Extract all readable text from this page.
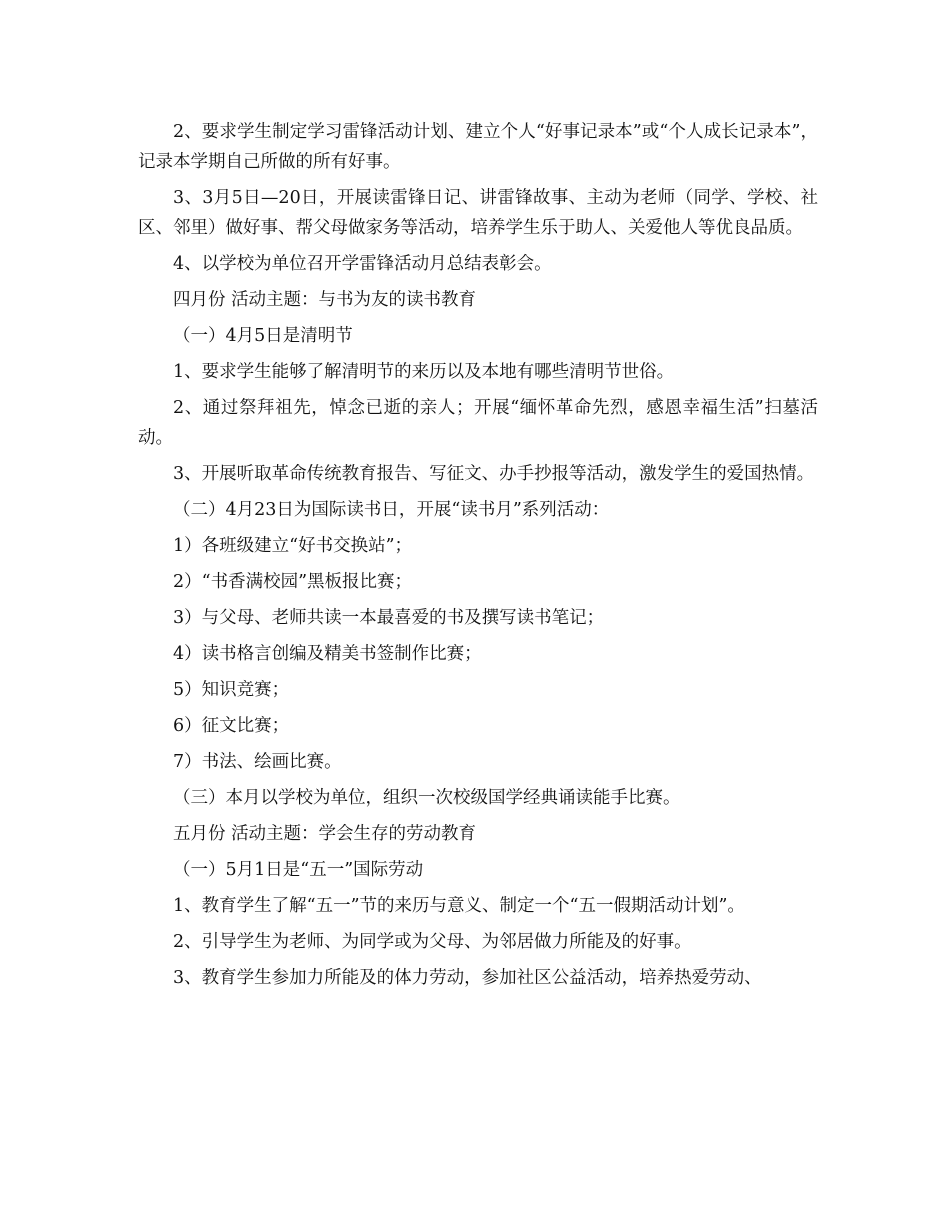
2、要求学生制定学习雷锋活动计划、建立个人“好事记录本”或“个人成长记录本”，记录本学期自己所做的所有好事。

3、3月5日—20日，开展读雷锋日记、讲雷锋故事、主动为老师（同学、学校、社区、邻里）做好事、帮父母做家务等活动，培养学生乐于助人、关爱他人等优良品质。

4、以学校为单位召开学雷锋活动月总结表彰会。

四月份 活动主题：与书为友的读书教育

（一）4月5日是清明节

1、要求学生能够了解清明节的来历以及本地有哪些清明节世俗。

2、通过祭拜祖先，悼念已逝的亲人；开展“缅怀革命先烈，感恩幸福生活”扫墓活动。

3、开展听取革命传统教育报告、写征文、办手抄报等活动，激发学生的爱国热情。

（二）4月23日为国际读书日，开展“读书月”系列活动：

1）各班级建立“好书交换站”；

2）“书香满校园”黑板报比赛；

3）与父母、老师共读一本最喜爱的书及撰写读书笔记；

4）读书格言创编及精美书签制作比赛；

5）知识竞赛；

6）征文比赛；

7）书法、绘画比赛。

（三）本月以学校为单位，组织一次校级国学经典诵读能手比赛。

五月份 活动主题：学会生存的劳动教育

（一）5月1日是“五一”国际劳动

1、教育学生了解“五一”节的来历与意义、制定一个“五一假期活动计划”。

2、引导学生为老师、为同学或为父母、为邻居做力所能及的好事。

3、教育学生参加力所能及的体力劳动，参加社区公益活动，培养热爱劳动、
